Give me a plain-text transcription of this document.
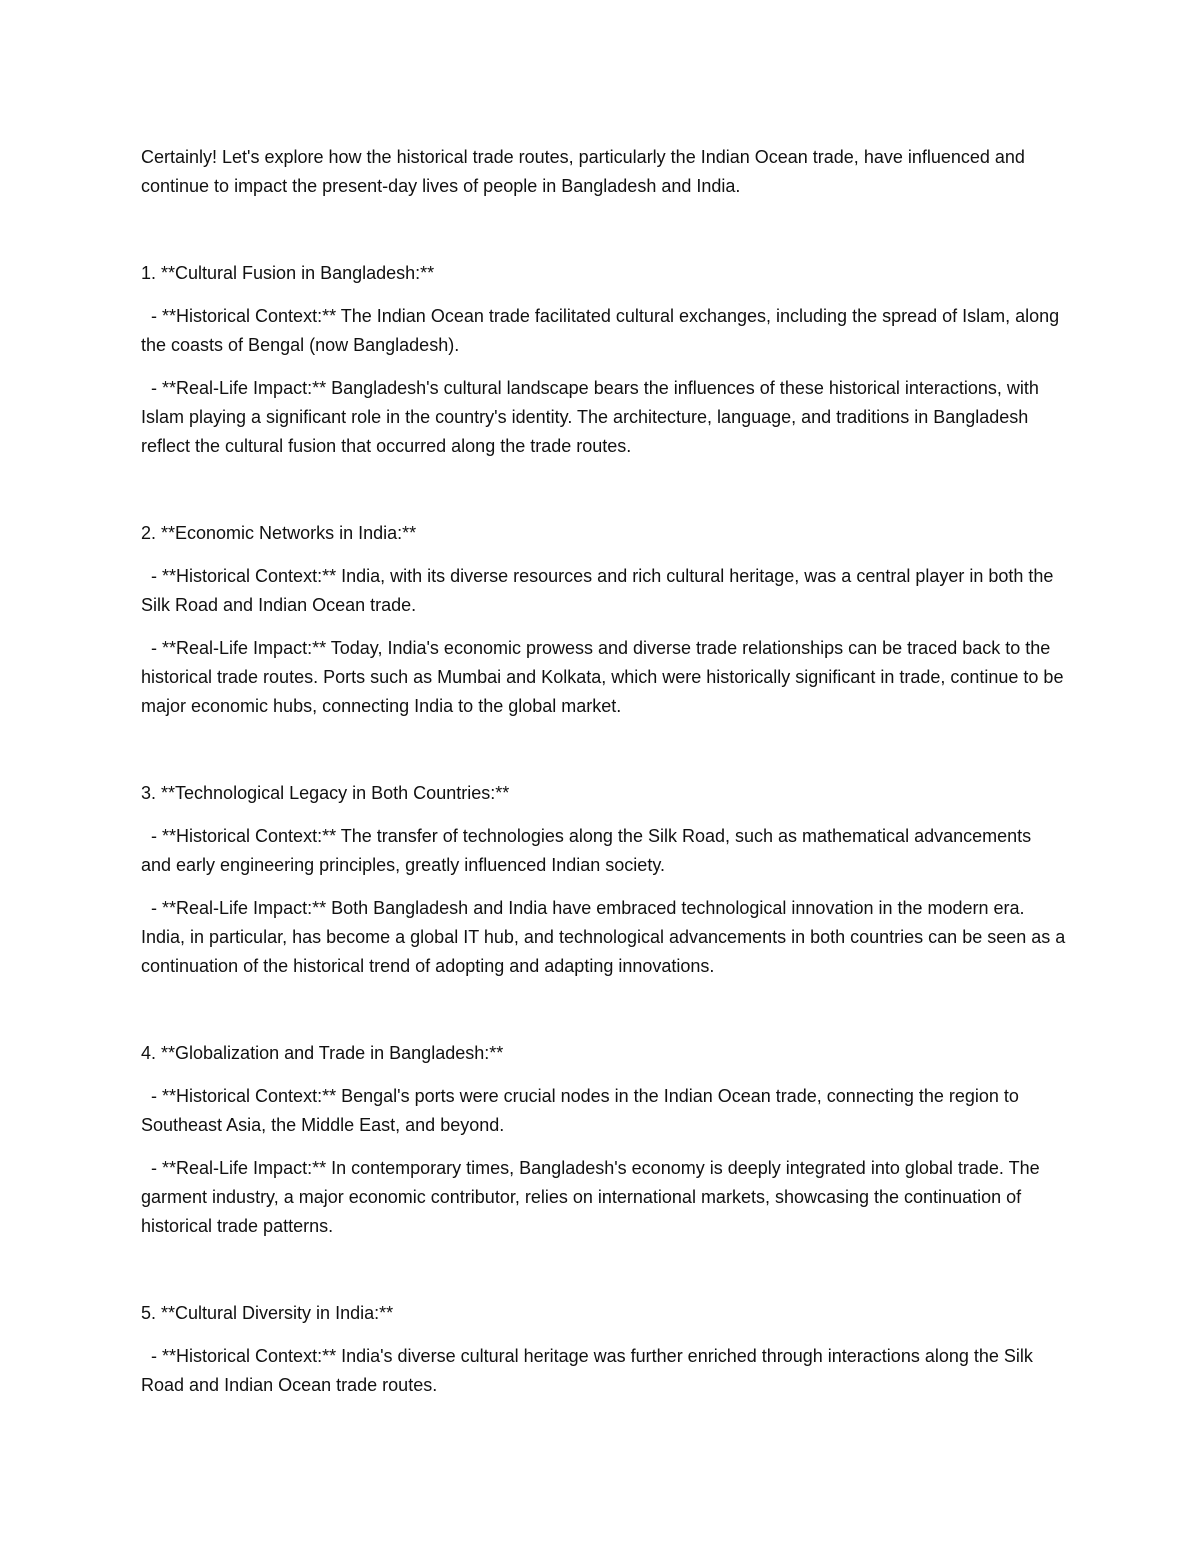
Certainly! Let's explore how the historical trade routes, particularly the Indian Ocean trade, have influenced and continue to impact the present-day lives of people in Bangladesh and India.

1. **Cultural Fusion in Bangladesh:**

- **Historical Context:** The Indian Ocean trade facilitated cultural exchanges, including the spread of Islam, along the coasts of Bengal (now Bangladesh).

- **Real-Life Impact:** Bangladesh's cultural landscape bears the influences of these historical interactions, with Islam playing a significant role in the country's identity. The architecture, language, and traditions in Bangladesh reflect the cultural fusion that occurred along the trade routes.

2. **Economic Networks in India:**

- **Historical Context:** India, with its diverse resources and rich cultural heritage, was a central player in both the Silk Road and Indian Ocean trade.

- **Real-Life Impact:** Today, India's economic prowess and diverse trade relationships can be traced back to the historical trade routes. Ports such as Mumbai and Kolkata, which were historically significant in trade, continue to be major economic hubs, connecting India to the global market.

3. **Technological Legacy in Both Countries:**

- **Historical Context:** The transfer of technologies along the Silk Road, such as mathematical advancements and early engineering principles, greatly influenced Indian society.

- **Real-Life Impact:** Both Bangladesh and India have embraced technological innovation in the modern era. India, in particular, has become a global IT hub, and technological advancements in both countries can be seen as a continuation of the historical trend of adopting and adapting innovations.

4. **Globalization and Trade in Bangladesh:**

- **Historical Context:** Bengal's ports were crucial nodes in the Indian Ocean trade, connecting the region to Southeast Asia, the Middle East, and beyond.

- **Real-Life Impact:** In contemporary times, Bangladesh's economy is deeply integrated into global trade. The garment industry, a major economic contributor, relies on international markets, showcasing the continuation of historical trade patterns.

5. **Cultural Diversity in India:**

- **Historical Context:** India's diverse cultural heritage was further enriched through interactions along the Silk Road and Indian Ocean trade routes.
